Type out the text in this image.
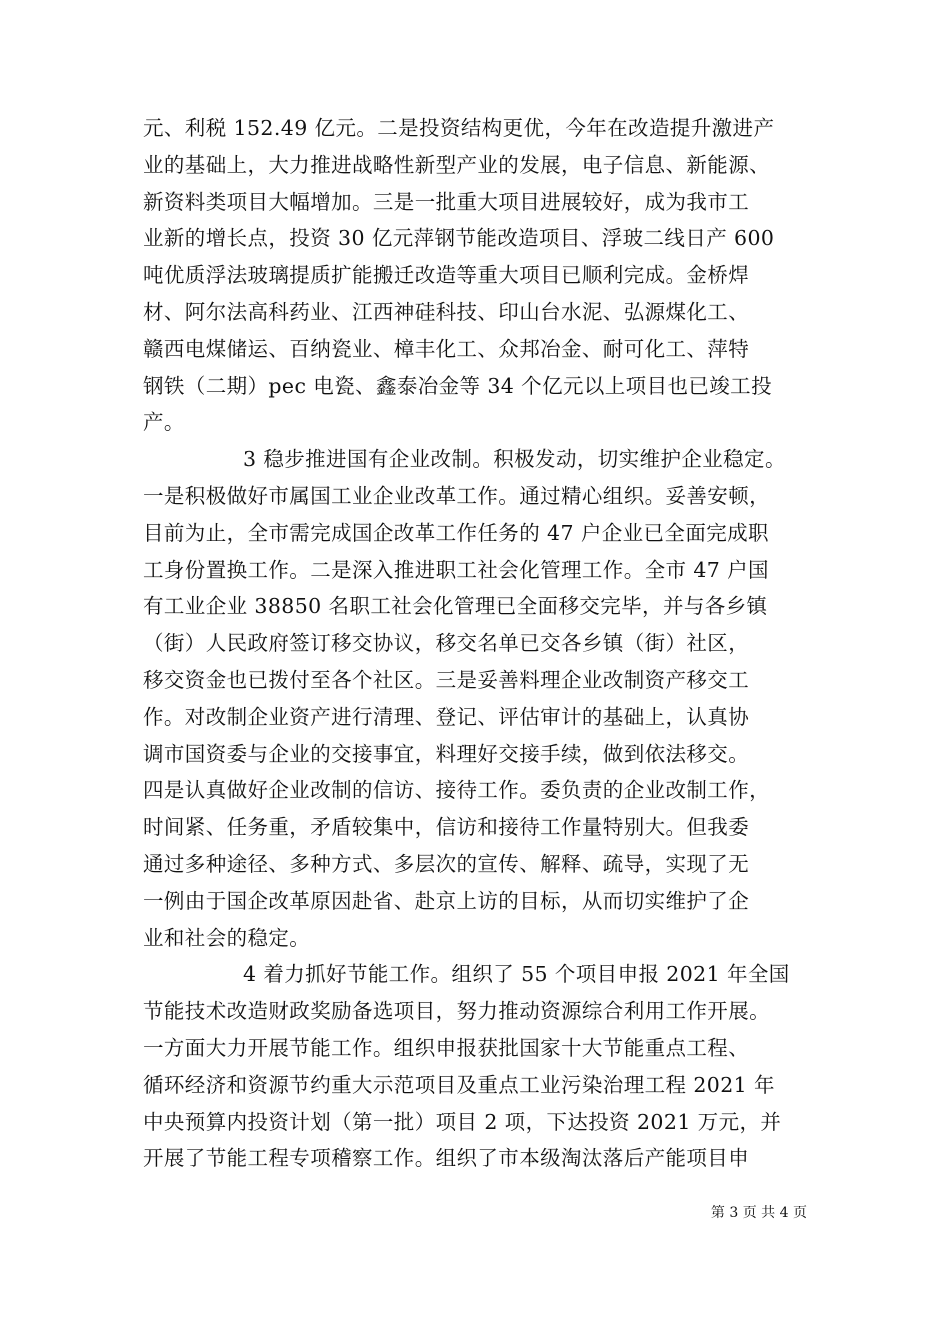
元、利税 152.49 亿元。二是投资结构更优，今年在改造提升激进产
业的基础上，大力推进战略性新型产业的发展，电子信息、新能源、
新资料类项目大幅增加。三是一批重大项目进展较好，成为我市工
业新的增长点，投资 30 亿元萍钢节能改造项目、浮玻二线日产 600
吨优质浮法玻璃提质扩能搬迁改造等重大项目已顺利完成。金桥焊
材、阿尔法高科药业、江西神硅科技、印山台水泥、弘源煤化工、
赣西电煤储运、百纳瓷业、樟丰化工、众邦冶金、耐可化工、萍特
钢铁（二期）pec 电瓷、鑫泰冶金等 34 个亿元以上项目也已竣工投
产。
3 稳步推进国有企业改制。积极发动，切实维护企业稳定。
一是积极做好市属国工业企业改革工作。通过精心组织。妥善安顿，
目前为止，全市需完成国企改革工作任务的 47 户企业已全面完成职
工身份置换工作。二是深入推进职工社会化管理工作。全市 47 户国
有工业企业 38850 名职工社会化管理已全面移交完毕，并与各乡镇
（街）人民政府签订移交协议，移交名单已交各乡镇（街）社区，
移交资金也已拨付至各个社区。三是妥善料理企业改制资产移交工
作。对改制企业资产进行清理、登记、评估审计的基础上，认真协
调市国资委与企业的交接事宜，料理好交接手续，做到依法移交。
四是认真做好企业改制的信访、接待工作。委负责的企业改制工作，
时间紧、任务重，矛盾较集中，信访和接待工作量特别大。但我委
通过多种途径、多种方式、多层次的宣传、解释、疏导，实现了无
一例由于国企改革原因赴省、赴京上访的目标，从而切实维护了企
业和社会的稳定。
4 着力抓好节能工作。组织了 55 个项目申报 2021 年全国
节能技术改造财政奖励备选项目，努力推动资源综合利用工作开展。
一方面大力开展节能工作。组织申报获批国家十大节能重点工程、
循环经济和资源节约重大示范项目及重点工业污染治理工程 2021 年
中央预算内投资计划（第一批）项目 2 项，下达投资 2021 万元，并
开展了节能工程专项稽察工作。组织了市本级淘汰落后产能项目申
第 3 页 共 4 页
